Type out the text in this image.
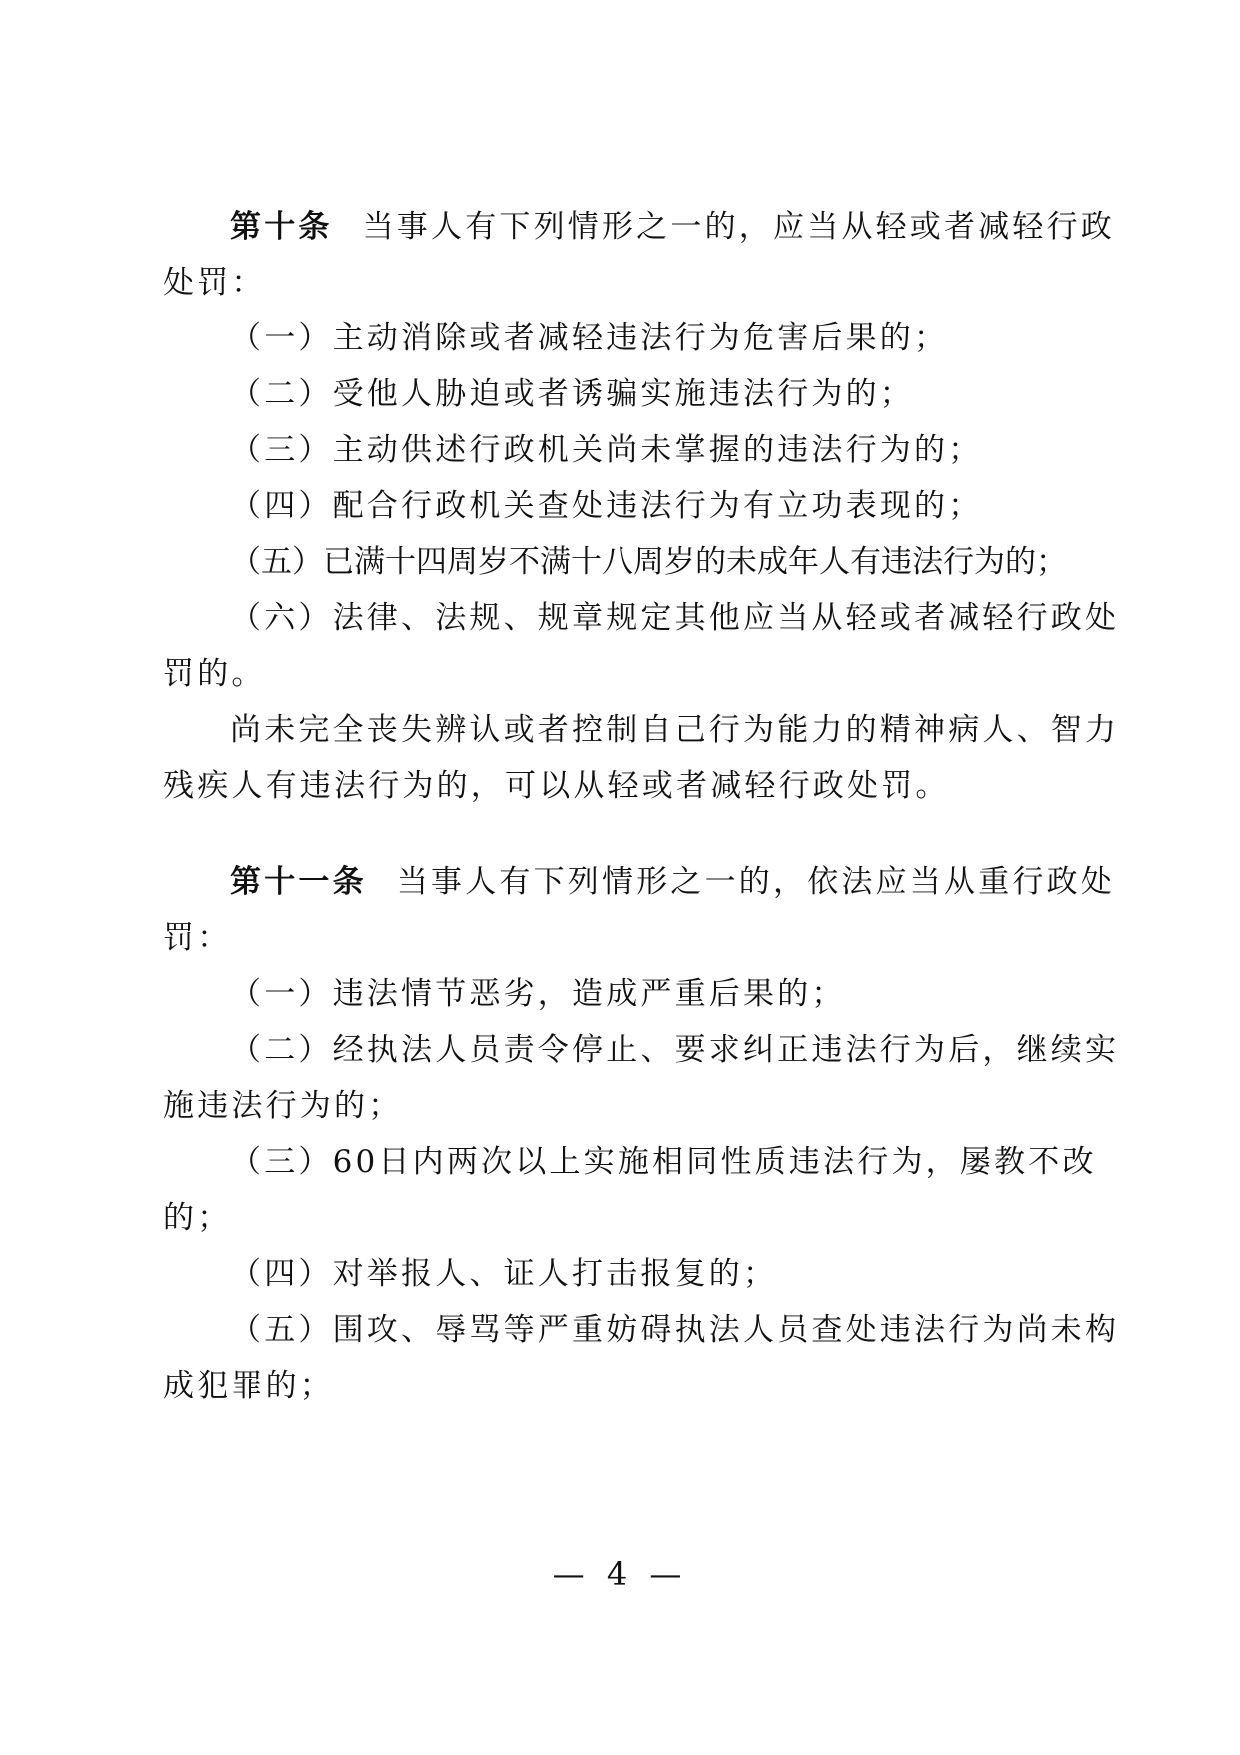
第十条 当事人有下列情形之一的，应当从轻或者减轻行政
处罚：
（一）主动消除或者减轻违法行为危害后果的；
（二）受他人胁迫或者诱骗实施违法行为的；
（三）主动供述行政机关尚未掌握的违法行为的；
（四）配合行政机关查处违法行为有立功表现的；
（五）已满十四周岁不满十八周岁的未成年人有违法行为的；
（六）法律、法规、规章规定其他应当从轻或者减轻行政处
罚的。
尚未完全丧失辨认或者控制自己行为能力的精神病人、智力
残疾人有违法行为的，可以从轻或者减轻行政处罚。
第十一条 当事人有下列情形之一的，依法应当从重行政处
罚：
（一）违法情节恶劣，造成严重后果的；
（二）经执法人员责令停止、要求纠正违法行为后，继续实
施违法行为的；
（三）60日内两次以上实施相同性质违法行为，屡教不改
的；
（四）对举报人、证人打击报复的；
（五）围攻、辱骂等严重妨碍执法人员查处违法行为尚未构
成犯罪的；
— 4 —
